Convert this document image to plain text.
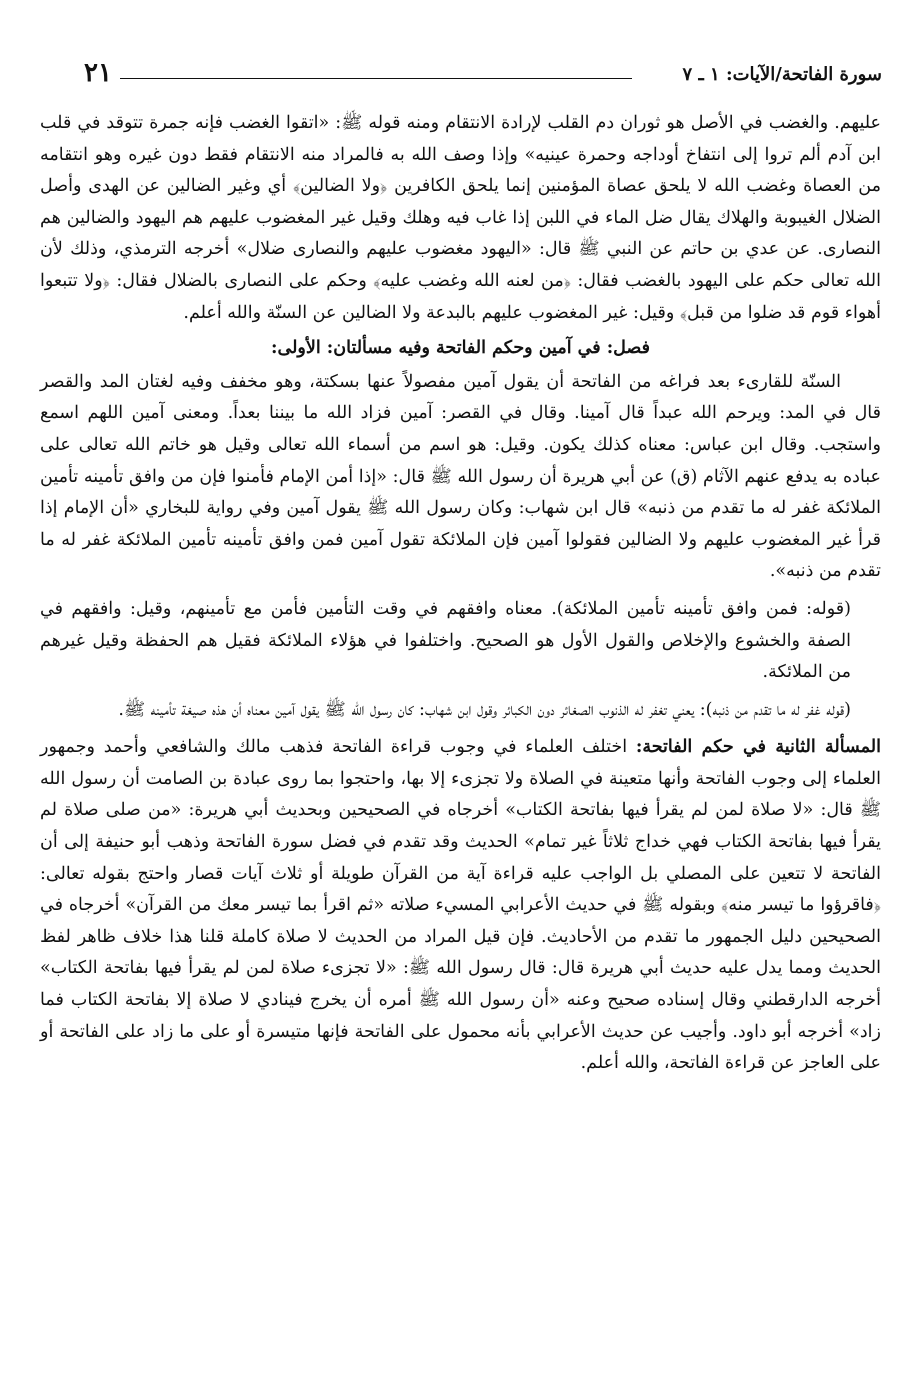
٢١	سورة الفاتحة/الآيات: ١ ـ ٧

عليهم. والغضب في الأصل هو ثوران دم القلب لإرادة الانتقام ومنه قوله ﷺ: «اتقوا الغضب فإنه جمرة تتوقد في قلب ابن آدم ألم تروا إلى انتفاخ أوداجه وحمرة عينيه» وإذا وصف الله به فالمراد منه الانتقام فقط دون غيره وهو انتقامه من العصاة وغضب الله لا يلحق عصاة المؤمنين إنما يلحق الكافرين ﴿ولا الضالين﴾ أي وغير الضالين عن الهدى وأصل الضلال الغيبوبة والهلاك يقال ضل الماء في اللبن إذا غاب فيه وهلك وقيل غير المغضوب عليهم هم اليهود والضالين هم النصارى. عن عدي بن حاتم عن النبي ﷺ قال: «اليهود مغضوب عليهم والنصارى ضلال» أخرجه الترمذي، وذلك لأن الله تعالى حكم على اليهود بالغضب فقال: ﴿من لعنه الله وغضب عليه﴾ وحكم على النصارى بالضلال فقال: ﴿ولا تتبعوا أهواء قوم قد ضلوا من قبل﴾ وقيل: غير المغضوب عليهم بالبدعة ولا الضالين عن السنّة والله أعلم.

فصل: في آمين وحكم الفاتحة وفيه مسألتان: الأولى:

السنّة للقارىء بعد فراغه من الفاتحة أن يقول آمين مفصولاً عنها بسكتة، وهو مخفف وفيه لغتان المد والقصر قال في المد: ويرحم الله عبداً قال آمينا. وقال في القصر: آمين فزاد الله ما بيننا بعداً. ومعنى آمين اللهم اسمع واستجب. وقال ابن عباس: معناه كذلك يكون. وقيل: هو اسم من أسماء الله تعالى وقيل هو خاتم الله تعالى على عباده به يدفع عنهم الآثام (ق) عن أبي هريرة أن رسول الله ﷺ قال: «إذا أمن الإمام فأمنوا فإن من وافق تأمينه تأمين الملائكة غفر له ما تقدم من ذنبه» قال ابن شهاب: وكان رسول الله ﷺ يقول آمين وفي رواية للبخاري «أن الإمام إذا قرأ غير المغضوب عليهم ولا الضالين فقولوا آمين فإن الملائكة تقول آمين فمن وافق تأمينه تأمين الملائكة غفر له ما تقدم من ذنبه».

(قوله: فمن وافق تأمينه تأمين الملائكة). معناه وافقهم في وقت التأمين فأمن مع تأمينهم، وقيل: وافقهم في الصفة والخشوع والإخلاص والقول الأول هو الصحيح. واختلفوا في هؤلاء الملائكة فقيل هم الحفظة وقيل غيرهم من الملائكة.

(قوله غفر له ما تقدم من ذنبه): يعني تغفر له الذنوب الصغائر دون الكبائر وقول ابن شهاب: كان رسول الله ﷺ يقول آمين معناه أن هذه صيغة تأمينه ﷺ.

المسألة الثانية في حكم الفاتحة: اختلف العلماء في وجوب قراءة الفاتحة فذهب مالك والشافعي وأحمد وجمهور العلماء إلى وجوب الفاتحة وأنها متعينة في الصلاة ولا تجزىء إلا بها، واحتجوا بما روى عبادة بن الصامت أن رسول الله ﷺ قال: «لا صلاة لمن لم يقرأ فيها بفاتحة الكتاب» أخرجاه في الصحيحين وبحديث أبي هريرة: «من صلى صلاة لم يقرأ فيها بفاتحة الكتاب فهي خداج ثلاثاً غير تمام» الحديث وقد تقدم في فضل سورة الفاتحة وذهب أبو حنيفة إلى أن الفاتحة لا تتعين على المصلي بل الواجب عليه قراءة آية من القرآن طويلة أو ثلاث آيات قصار واحتج بقوله تعالى: ﴿فاقرؤوا ما تيسر منه﴾ وبقوله ﷺ في حديث الأعرابي المسيء صلاته «ثم اقرأ بما تيسر معك من القرآن» أخرجاه في الصحيحين دليل الجمهور ما تقدم من الأحاديث. فإن قيل المراد من الحديث لا صلاة كاملة قلنا هذا خلاف ظاهر لفظ الحديث ومما يدل عليه حديث أبي هريرة قال: قال رسول الله ﷺ: «لا تجزىء صلاة لمن لم يقرأ فيها بفاتحة الكتاب» أخرجه الدارقطني وقال إسناده صحيح وعنه «أن رسول الله ﷺ أمره أن يخرج فينادي لا صلاة إلا بفاتحة الكتاب فما زاد» أخرجه أبو داود. وأجيب عن حديث الأعرابي بأنه محمول على الفاتحة فإنها متيسرة أو على ما زاد على الفاتحة أو على العاجز عن قراءة الفاتحة، والله أعلم.
